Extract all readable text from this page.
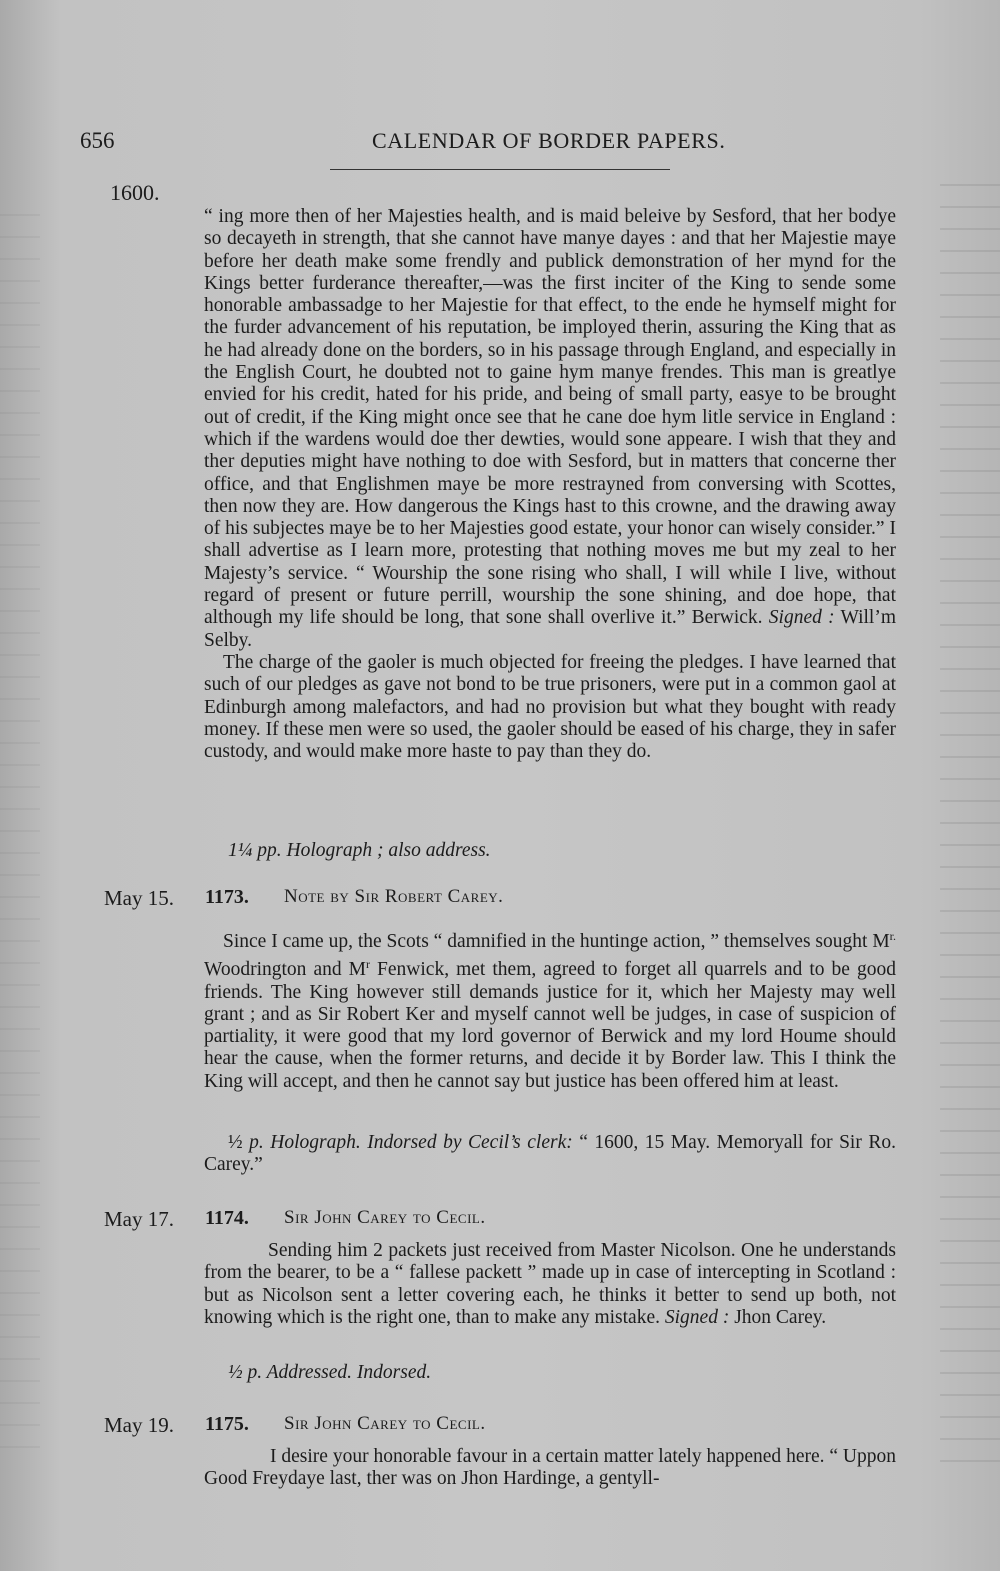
656	CALENDAR OF BORDER PAPERS.
1600.

“ ing more then of her Majesties health, and is maid beleive by Sesford, that her bodye so decayeth in strength, that she cannot have manye dayes : and that her Majestie maye before her death make some frendly and publick demonstration of her mynd for the Kings better furderance thereafter,—was the first inciter of the King to sende some honorable ambassadge to her Majestie for that effect, to the ende he hymself might for the furder advancement of his reputation, be imployed therin, assuring the King that as he had already done on the borders, so in his passage through England, and especially in the English Court, he doubted not to gaine hym manye frendes. This man is greatlye envied for his credit, hated for his pride, and being of small party, easye to be brought out of credit, if the King might once see that he cane doe hym litle service in England : which if the wardens would doe ther dewties, would sone appeare. I wish that they and ther deputies might have nothing to doe with Sesford, but in matters that concerne ther office, and that Englishmen maye be more restrayned from conversing with Scottes, then now they are. How dangerous the Kings hast to this crowne, and the drawing away of his subjectes maye be to her Majesties good estate, your honor can wisely consider.” I shall advertise as I learn more, protesting that nothing moves me but my zeal to her Majesty’s service. “ Wourship the sone rising who shall, I will while I live, without regard of present or future perrill, wourship the sone shining, and doe hope, that although my life should be long, that sone shall overlive it.” Berwick. Signed : Will’m Selby.

The charge of the gaoler is much objected for freeing the pledges. I have learned that such of our pledges as gave not bond to be true prisoners, were put in a common gaol at Edinburgh among malefactors, and had no provision but what they bought with ready money. If these men were so used, the gaoler should be eased of his charge, they in safer custody, and would make more haste to pay than they do.

1¼ pp. Holograph ; also address.
May 15. 1173. Note by Sir Robert Carey.

Since I came up, the Scots “ damnified in the huntinge action, ” themselves sought $M^{r.}$ Woodrington and $M^r$ Fenwick, met them, agreed to forget all quarrels and to be good friends. The King however still demands justice for it, which her Majesty may well grant ; and as Sir Robert Ker and myself cannot well be judges, in case of suspicion of partiality, it were good that my lord governor of Berwick and my lord Houme should hear the cause, when the former returns, and decide it by Border law. This I think the King will accept, and then he cannot say but justice has been offered him at least.

½ p. Holograph. Indorsed by Cecil’s clerk: “ 1600, 15 May. Memoryall for Sir Ro. Carey.”
May 17. 1174. Sir John Carey to Cecil.

Sending him 2 packets just received from Master Nicolson. One he understands from the bearer, to be a “ fallese packett ” made up in case of intercepting in Scotland : but as Nicolson sent a letter covering each, he thinks it better to send up both, not knowing which is the right one, than to make any mistake. Signed : Jhon Carey.

½ p. Addressed. Indorsed.
May 19. 1175. Sir John Carey to Cecil.

I desire your honorable favour in a certain matter lately happened here. “ Uppon Good Freydaye last, ther was on Jhon Hardinge, a gentyll-
